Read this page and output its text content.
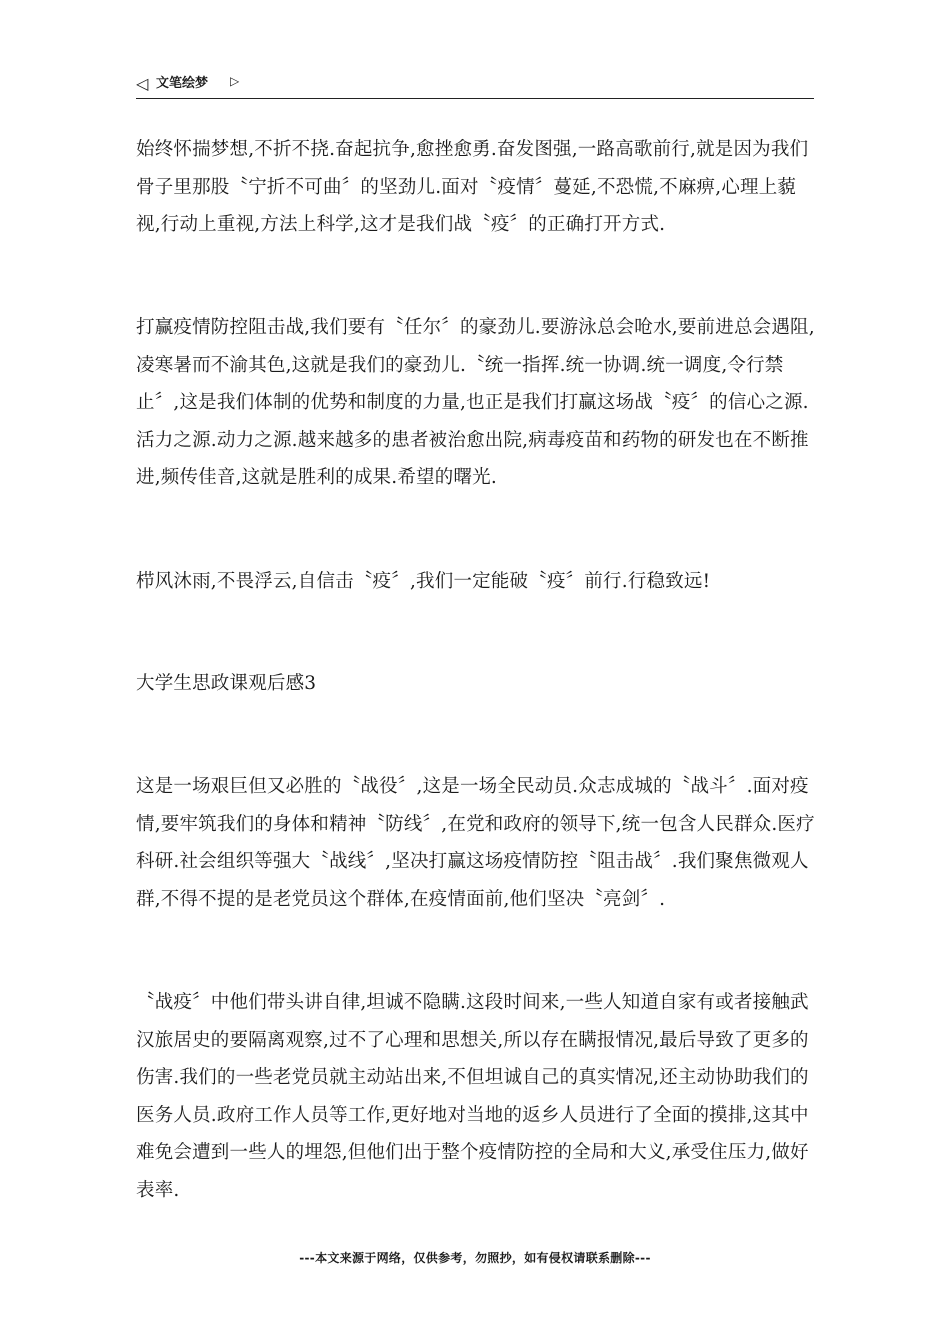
◁ 文笔绘梦 ▷

始终怀揣梦想,不折不挠.奋起抗争,愈挫愈勇.奋发图强,一路高歌前行,就是因为我们骨子里那股〝宁折不可曲〞的坚劲儿.面对〝疫情〞蔓延,不恐慌,不麻痹,心理上藐视,行动上重视,方法上科学,这才是我们战〝疫〞的正确打开方式.

打赢疫情防控阻击战,我们要有〝任尔〞的豪劲儿.要游泳总会呛水,要前进总会遇阻,凌寒暑而不渝其色,这就是我们的豪劲儿.〝统一指挥.统一协调.统一调度,令行禁止〞,这是我们体制的优势和制度的力量,也正是我们打赢这场战〝疫〞的信心之源.活力之源.动力之源.越来越多的患者被治愈出院,病毒疫苗和药物的研发也在不断推进,频传佳音,这就是胜利的成果.希望的曙光.

栉风沐雨,不畏浮云,自信击〝疫〞,我们一定能破〝疫〞前行.行稳致远!

大学生思政课观后感3

这是一场艰巨但又必胜的〝战役〞,这是一场全民动员.众志成城的〝战斗〞.面对疫情,要牢筑我们的身体和精神〝防线〞,在党和政府的领导下,统一包含人民群众.医疗科研.社会组织等强大〝战线〞,坚决打赢这场疫情防控〝阻击战〞.我们聚焦微观人群,不得不提的是老党员这个群体,在疫情面前,他们坚决〝亮剑〞.

〝战疫〞中他们带头讲自律,坦诚不隐瞒.这段时间来,一些人知道自家有或者接触武汉旅居史的要隔离观察,过不了心理和思想关,所以存在瞒报情况,最后导致了更多的伤害.我们的一些老党员就主动站出来,不但坦诚自己的真实情况,还主动协助我们的医务人员.政府工作人员等工作,更好地对当地的返乡人员进行了全面的摸排,这其中难免会遭到一些人的埋怨,但他们出于整个疫情防控的全局和大义,承受住压力,做好表率.

---本文来源于网络，仅供参考，勿照抄，如有侵权请联系删除---
